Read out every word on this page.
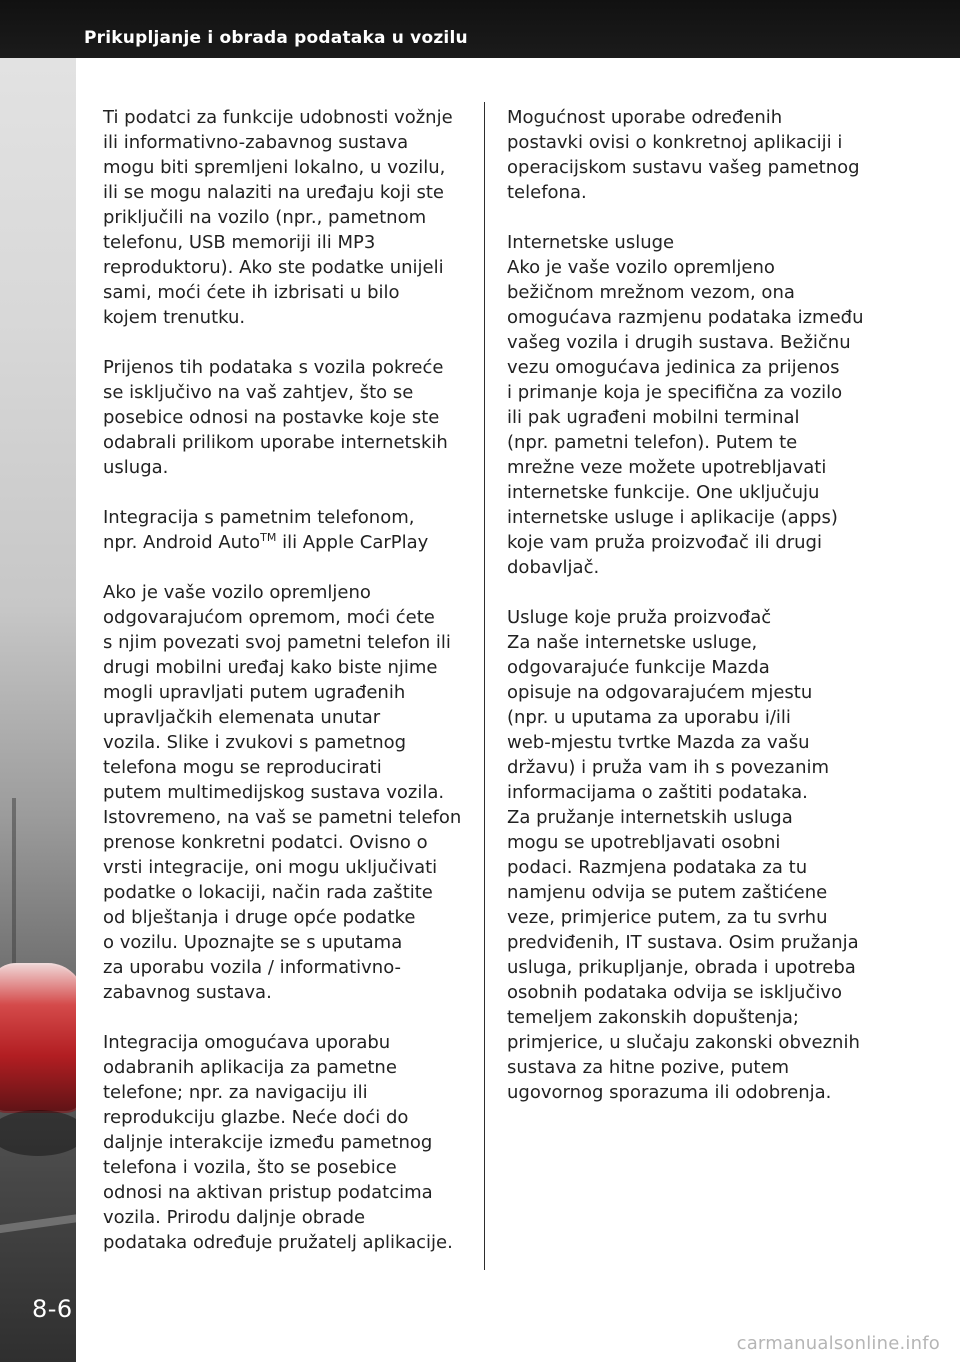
Prikupljanje i obrada podataka u vozilu
8-6
Ti podatci za funkcije udobnosti vožnje
ili informativno-zabavnog sustava
mogu biti spremljeni lokalno, u vozilu,
ili se mogu nalaziti na uređaju koji ste
priključili na vozilo (npr., pametnom
telefonu, USB memoriji ili MP3
reproduktoru). Ako ste podatke unijeli
sami, moći ćete ih izbrisati u bilo
kojem trenutku.
Prijenos tih podataka s vozila pokreće
se isključivo na vaš zahtjev, što se
posebice odnosi na postavke koje ste
odabrali prilikom uporabe internetskih
usluga.
Integracija s pametnim telefonom,
npr. Android Auto™ ili Apple CarPlay
Ako je vaše vozilo opremljeno
odgovarajućom opremom, moći ćete
s njim povezati svoj pametni telefon ili
drugi mobilni uređaj kako biste njime
mogli upravljati putem ugrađenih
upravljačkih elemenata unutar
vozila. Slike i zvukovi s pametnog
telefona mogu se reproducirati
putem multimedijskog sustava vozila.
Istovremeno, na vaš se pametni telefon
prenose konkretni podatci. Ovisno o
vrsti integracije, oni mogu uključivati
podatke o lokaciji, način rada zaštite
od blještanja i druge opće podatke
o vozilu. Upoznajte se s uputama
za uporabu vozila / informativno-
zabavnog sustava.
Integracija omogućava uporabu
odabranih aplikacija za pametne
telefone; npr. za navigaciju ili
reprodukciju glazbe. Neće doći do
daljnje interakcije između pametnog
telefona i vozila, što se posebice
odnosi na aktivan pristup podatcima
vozila. Prirodu daljnje obrade
podataka određuje pružatelj aplikacije.
Mogućnost uporabe određenih
postavki ovisi o konkretnoj aplikaciji i
operacijskom sustavu vašeg pametnog
telefona.
Internetske usluge
Ako je vaše vozilo opremljeno
bežičnom mrežnom vezom, ona
omogućava razmjenu podataka između
vašeg vozila i drugih sustava. Bežičnu
vezu omogućava jedinica za prijenos
i primanje koja je specifična za vozilo
ili pak ugrađeni mobilni terminal
(npr. pametni telefon). Putem te
mrežne veze možete upotrebljavati
internetske funkcije. One uključuju
internetske usluge i aplikacije (apps)
koje vam pruža proizvođač ili drugi
dobavljač.
Usluge koje pruža proizvođač
Za naše internetske usluge,
odgovarajuće funkcije Mazda
opisuje na odgovarajućem mjestu
(npr. u uputama za uporabu i/ili
web-mjestu tvrtke Mazda za vašu
državu) i pruža vam ih s povezanim
informacijama o zaštiti podataka.
Za pružanje internetskih usluga
mogu se upotrebljavati osobni
podaci. Razmjena podataka za tu
namjenu odvija se putem zaštićene
veze, primjerice putem, za tu svrhu
predviđenih, IT sustava. Osim pružanja
usluga, prikupljanje, obrada i upotreba
osobnih podataka odvija se isključivo
temeljem zakonskih dopuštenja;
primjerice, u slučaju zakonski obveznih
sustava za hitne pozive, putem
ugovornog sporazuma ili odobrenja.
carmanualsonline.info
